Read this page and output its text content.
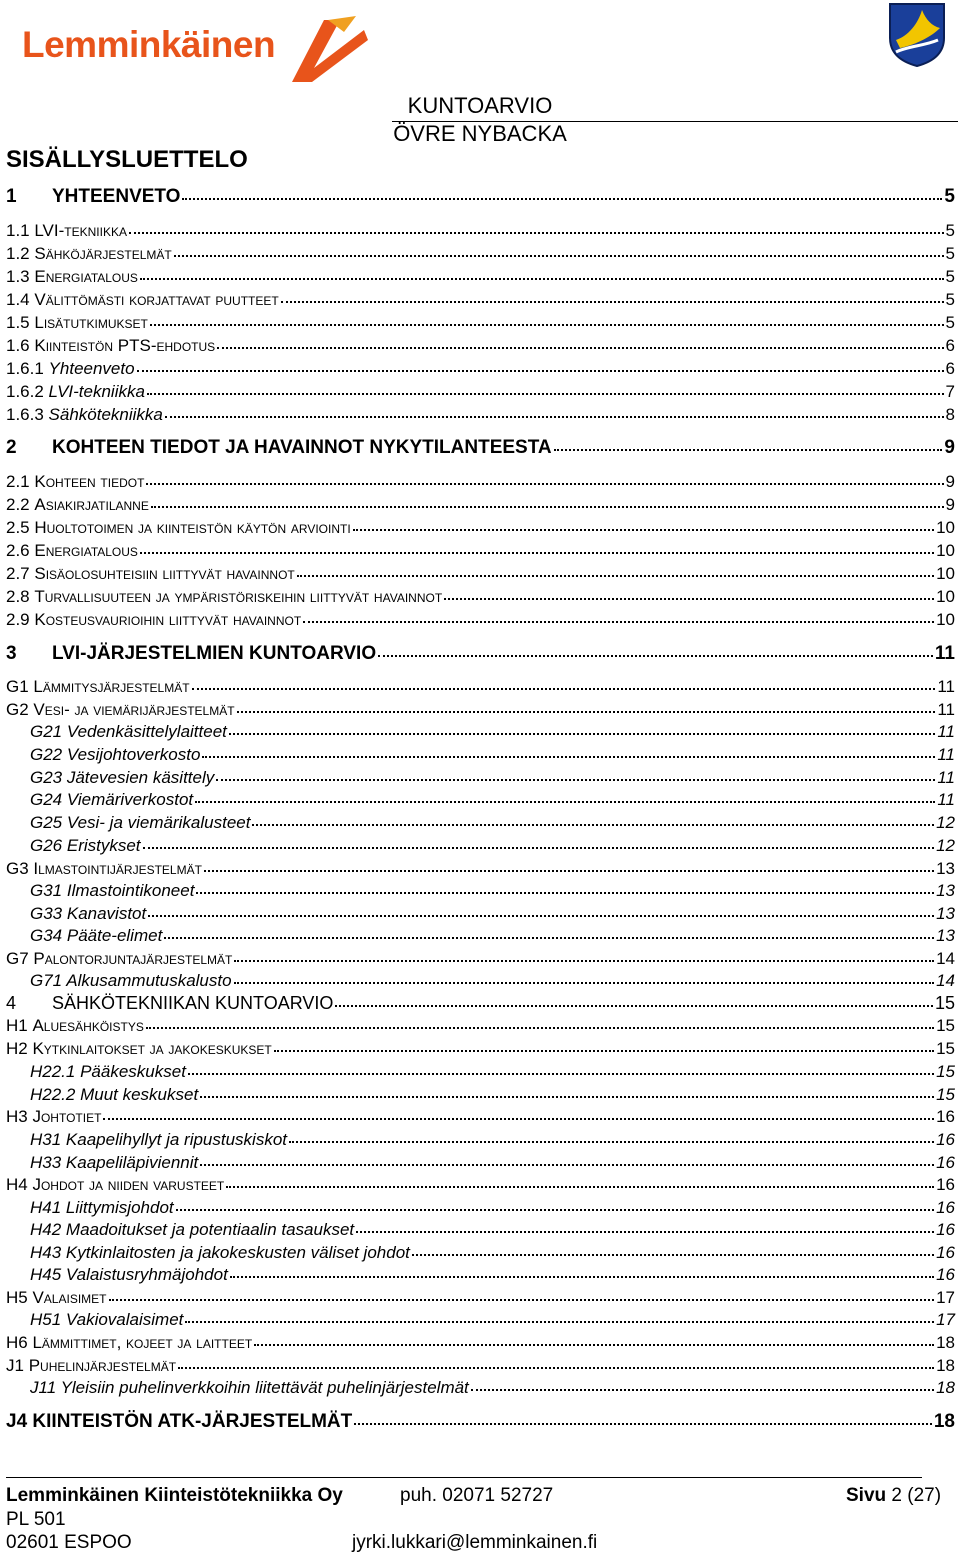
Lemminkäinen
KUNTOARVIO
ÖVRE NYBACKA
SISÄLLYSLUETTELO
1	YHTEENVETO	5
1.1 LVI-tekniikka	5
1.2 Sähköjärjestelmät	5
1.3 Energiatalous	5
1.4 Välittömästi korjattavat puutteet	5
1.5 Lisätutkimukset	5
1.6 Kiinteistön PTS-ehdotus	6
1.6.1 Yhteenveto	6
1.6.2 LVI-tekniikka	7
1.6.3 Sähkötekniikka	8
2	KOHTEEN TIEDOT JA HAVAINNOT NYKYTILANTEESTA	9
2.1 Kohteen tiedot	9
2.2 Asiakirjatilanne	9
2.5 Huoltotoimen ja kiinteistön käytön arviointi	10
2.6 Energiatalous	10
2.7 Sisäolosuhteisiin liittyvät havainnot	10
2.8 Turvallisuuteen ja ympäristöriskeihin liittyvät havainnot	10
2.9 Kosteusvaurioihin liittyvät havainnot	10
3	LVI-JÄRJESTELMIEN KUNTOARVIO	11
G1 Lämmitysjärjestelmät	11
G2 Vesi- ja viemärijärjestelmät	11
G21 Vedenkäsittelylaitteet	11
G22 Vesijohtoverkosto	11
G23 Jätevesien käsittely	11
G24 Viemäriverkostot	11
G25 Vesi- ja viemärikalusteet	12
G26 Eristykset	12
G3 Ilmastointijärjestelmät	13
G31 Ilmastointikoneet	13
G33 Kanavistot	13
G34 Pääte-elimet	13
G7 Palontorjuntajärjestelmät	14
G71 Alkusammutuskalusto	14
4	SÄHKÖTEKNIIKAN KUNTOARVIO	15
H1 Aluesähköistys	15
H2 Kytkinlaitokset ja jakokeskukset	15
H22.1 Pääkeskukset	15
H22.2 Muut keskukset	15
H3 Johtotiet	16
H31 Kaapelihyllyt ja ripustuskiskot	16
H33 Kaapeliläpiviennit	16
H4 Johdot ja niiden varusteet	16
H41 Liittymisjohdot	16
H42 Maadoitukset ja potentiaalin tasaukset	16
H43 Kytkinlaitosten ja jakokeskusten väliset johdot	16
H45 Valaistusryhmäjohdot	16
H5 Valaisimet	17
H51 Vakiovalaisimet	17
H6 Lämmittimet, kojeet ja laitteet	18
J1 Puhelinjärjestelmät	18
J11 Yleisiin puhelinverkkoihin liitettävät puhelinjärjestelmät	18
J4 KIINTEISTÖN ATK-JÄRJESTELMÄT	18
Lemminkäinen Kiinteistötekniikka Oy	puh. 02071 52727	Sivu 2 (27)
PL 501
02601 ESPOO	jyrki.lukkari@lemminkainen.fi
